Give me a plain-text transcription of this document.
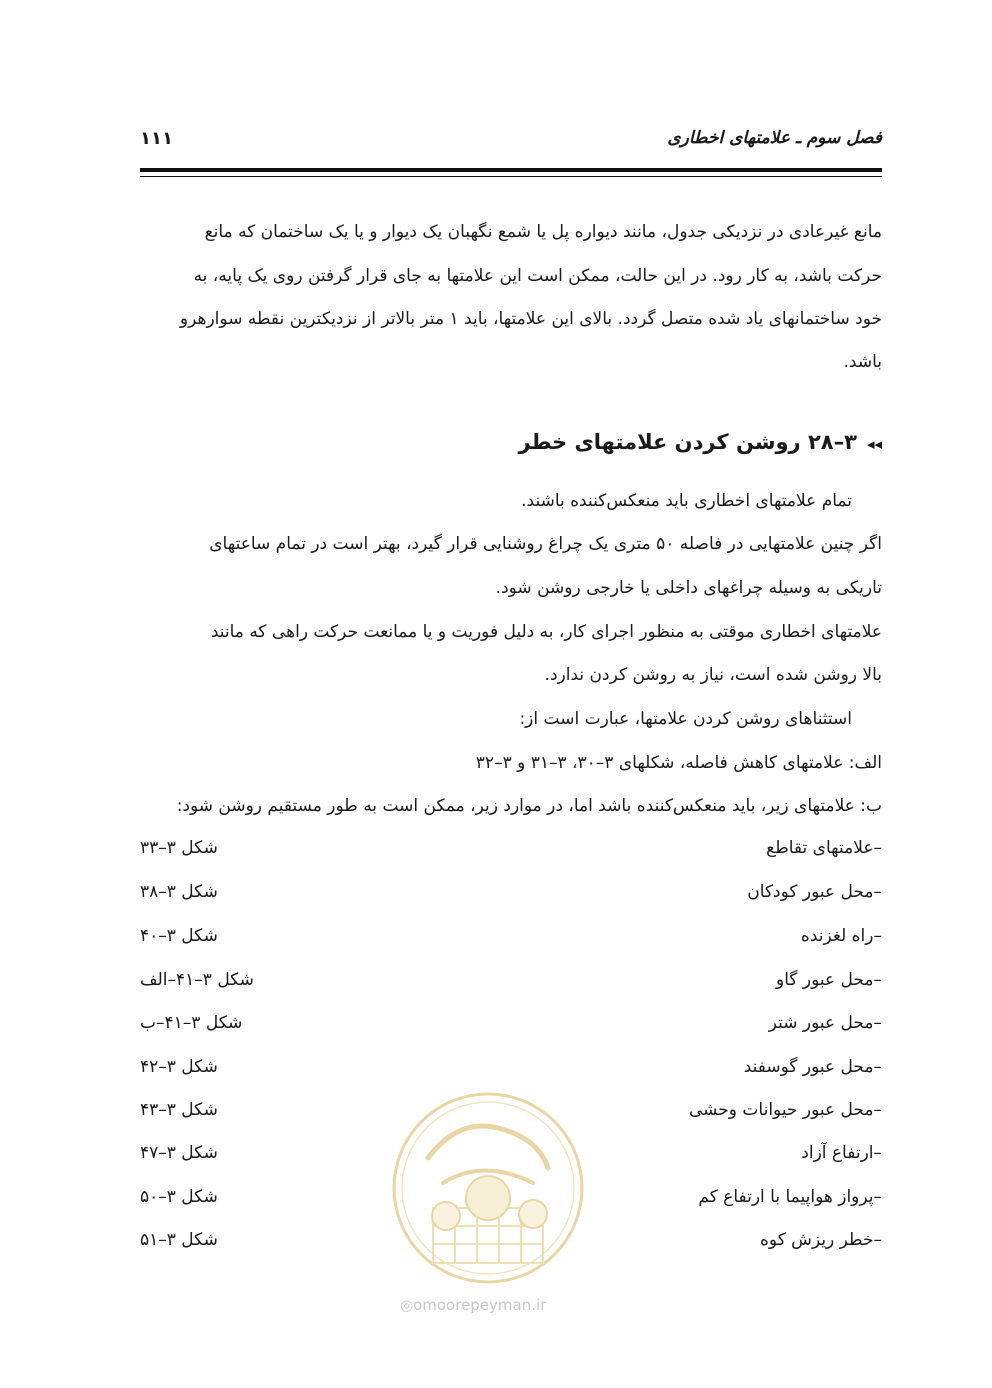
فصل سوم ـ علامتهای اخطاری
۱۱۱
مانع غیرعادی در نزدیکی جدول، مانند دیواره پل یا شمع نگهبان یک دیوار و یا یک ساختمان که مانع
حرکت باشد، به کار رود. در این حالت، ممکن است این علامتها به جای قرار گرفتن روی یک پایه، به
خود ساختمانهای یاد شده متصل گردد. بالای این علامتها، باید ۱ متر بالاتر از نزدیکترین نقطه سوارهرو
باشد.
◂◂۳–۲۸ روشن کردن علامتهای خطر
تمام علامتهای اخطاری باید منعکس‌کننده باشند.
اگر چنین علامتهایی در فاصله ۵۰ متری یک چراغ روشنایی قرار گیرد، بهتر است در تمام ساعتهای
تاریکی به وسیله چراغهای داخلی یا خارجی روشن شود.
علامتهای اخطاری موقتی به منظور اجرای کار، به دلیل فوریت و یا ممانعت حرکت راهی که مانند
بالا روشن شده است، نیاز به روشن کردن ندارد.
استثناهای روشن کردن علامتها، عبارت است از:
الف: علامتهای کاهش فاصله، شکلهای ۳–۳۰، ۳–۳۱ و ۳–۳۲
ب: علامتهای زیر، باید منعکس‌کننده باشد اما، در موارد زیر، ممکن است به طور مستقیم روشن شود:
–علامتهای تقاطع
شکل ۳–۳۳
–محل عبور کودکان
شکل ۳–۳۸
–راه لغزنده
شکل ۳–۴۰
–محل عبور گاو
شکل ۳–۴۱–الف
–محل عبور شتر
شکل ۳–۴۱–ب
–محل عبور گوسفند
شکل ۳–۴۲
–محل عبور حیوانات وحشی
شکل ۳–۴۳
–ارتفاع آزاد
شکل ۳–۴۷
–پرواز هواپیما با ارتفاع کم
شکل ۳–۵۰
–خطر ریزش کوه
شکل ۳–۵۱
◎omoorepeyman.ir
